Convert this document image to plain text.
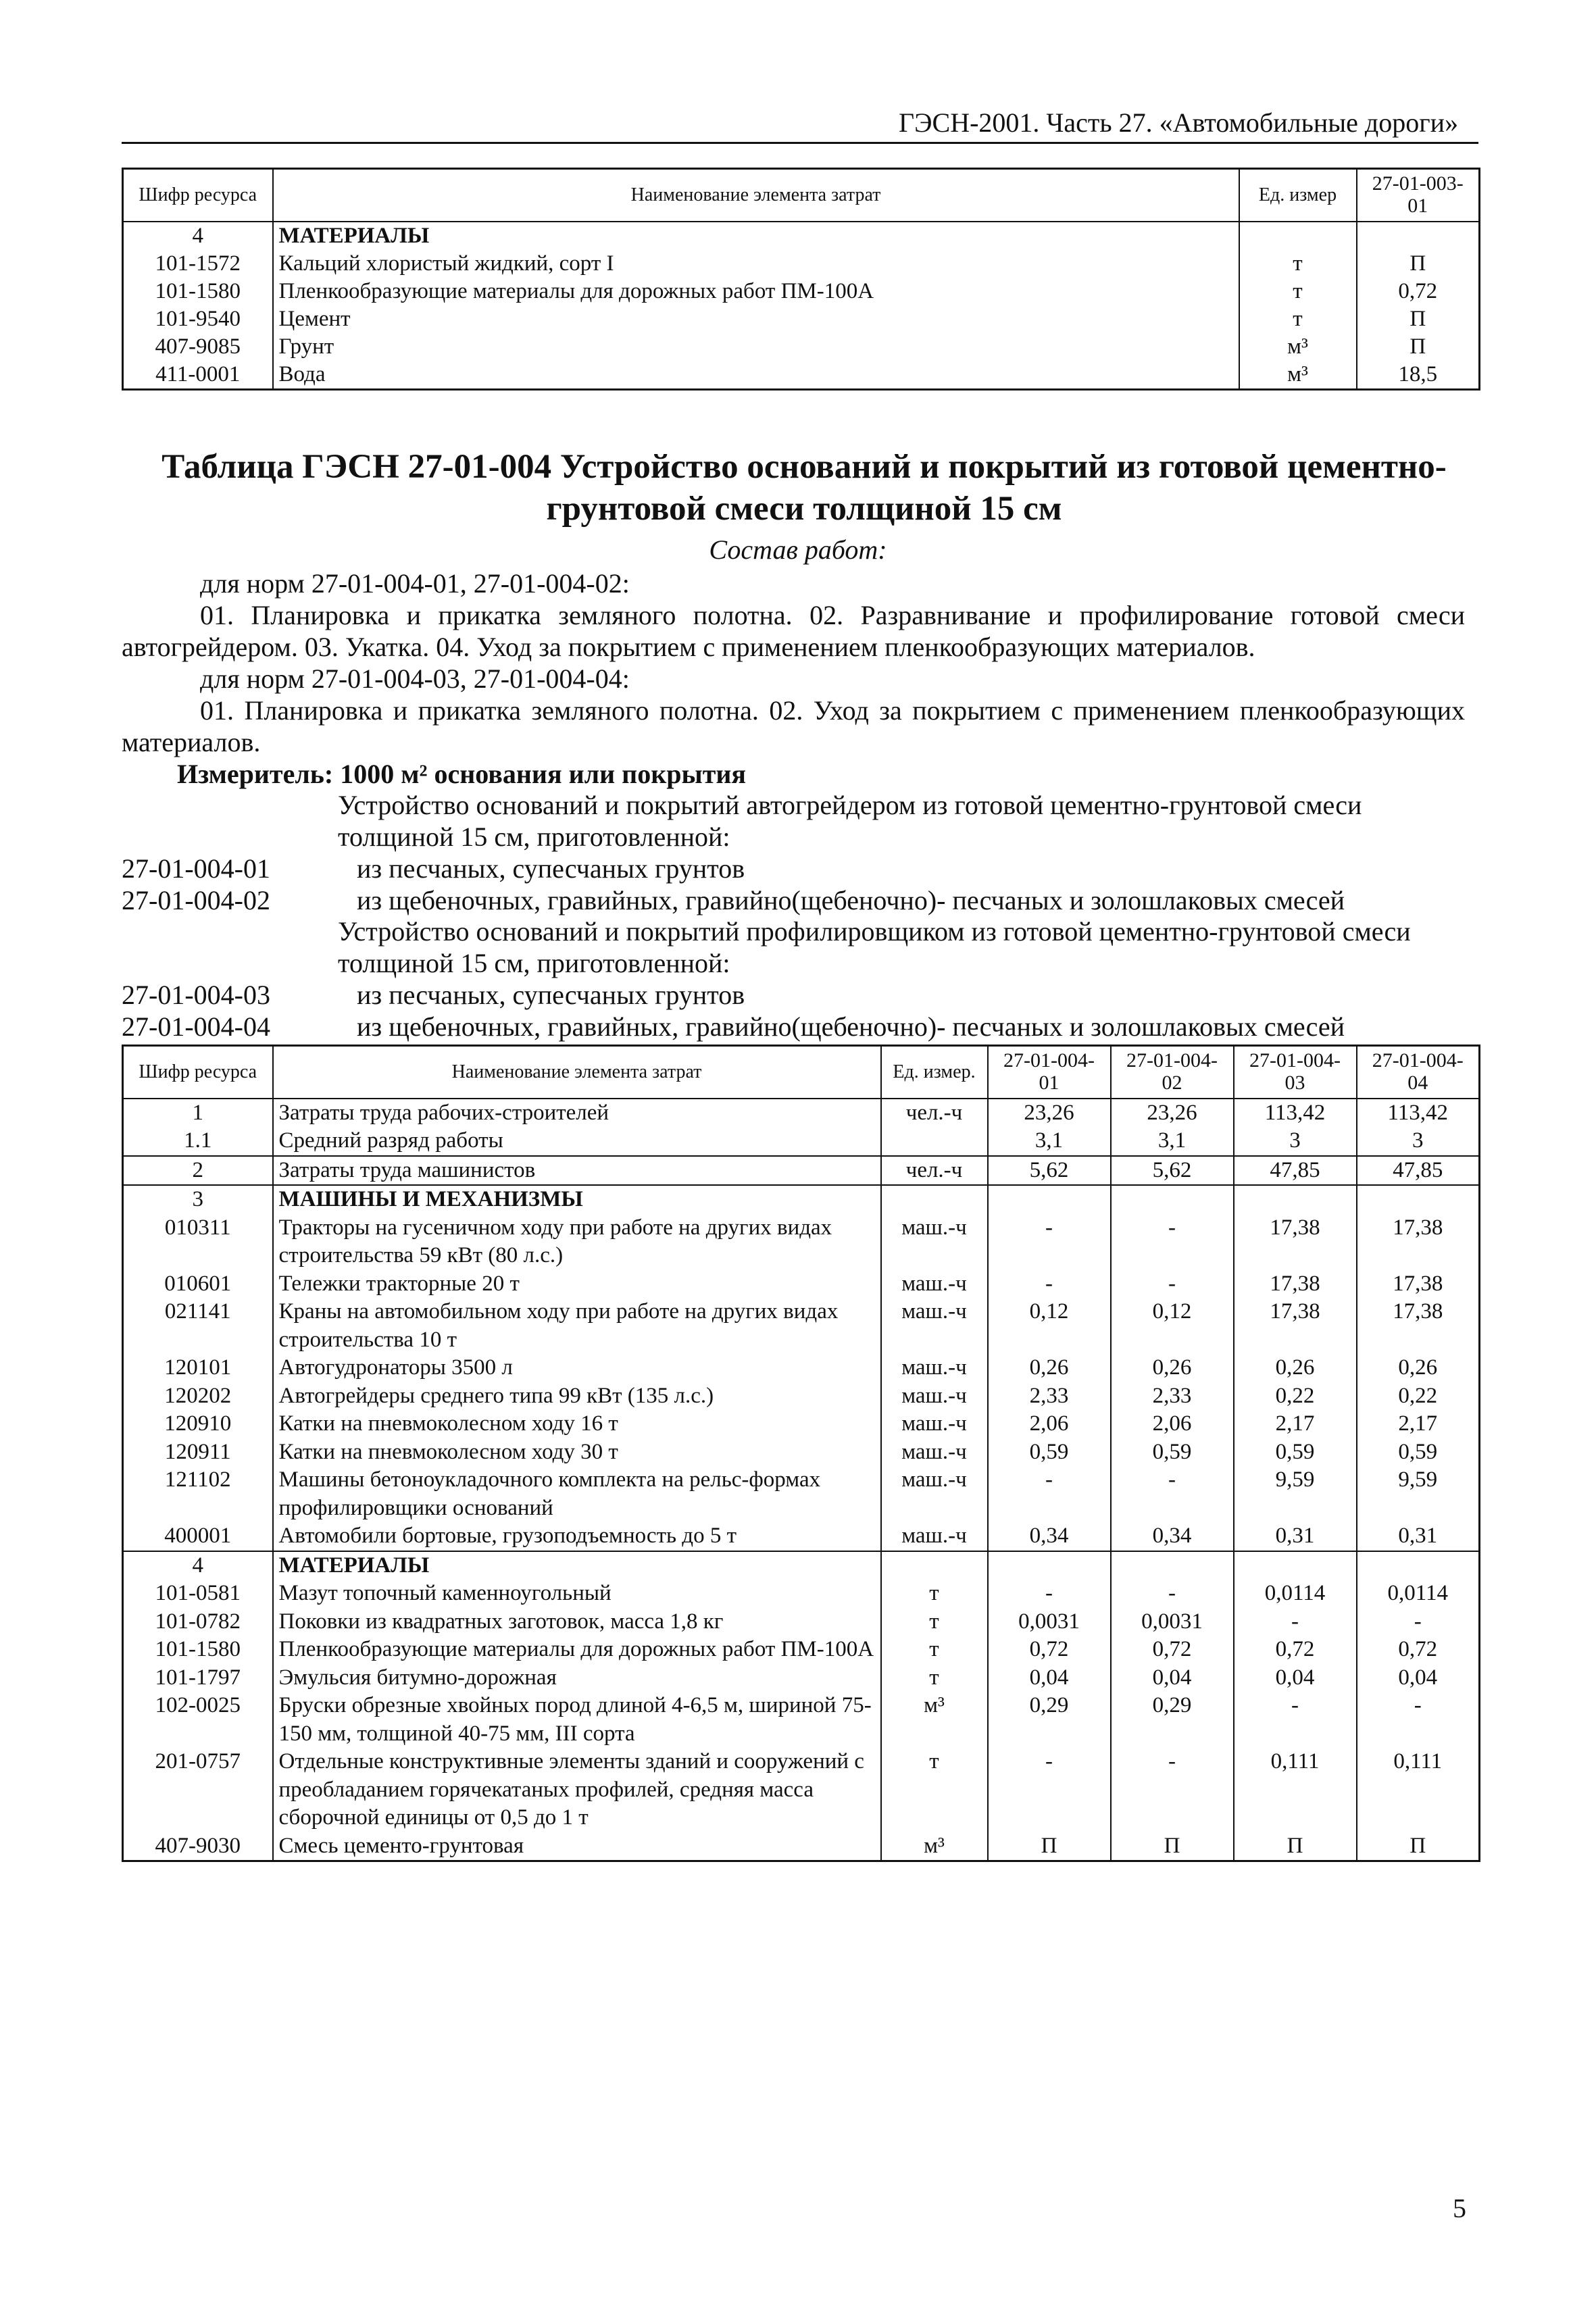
ГЭСН-2001. Часть 27. «Автомобильные дороги»
Шифр ресурса	Наименование элемента затрат	Ед. измер	27-01-003-01
4	МАТЕРИАЛЫ		
101-1572	Кальций хлористый жидкий, сорт I	т	П
101-1580	Пленкообразующие материалы для дорожных работ ПМ-100А	т	0,72
101-9540	Цемент	т	П
407-9085	Грунт	м³	П
411-0001	Вода	м³	18,5
Таблица ГЭСН 27-01-004 Устройство оснований и покрытий из готовой цементно-грунтовой смеси толщиной 15 см
Состав работ:
для норм 27-01-004-01, 27-01-004-02:
01. Планировка и прикатка земляного полотна. 02. Разравнивание и профилирование готовой смеси автогрейдером. 03. Укатка. 04. Уход за покрытием с применением пленкообразующих материалов.
для норм 27-01-004-03, 27-01-004-04:
01. Планировка и прикатка земляного полотна. 02. Уход за покрытием с применением пленкообразующих материалов.
Измеритель: 1000 м² основания или покрытия
Устройство оснований и покрытий автогрейдером из готовой цементно-грунтовой смеси толщиной 15 см, приготовленной:
27-01-004-01	из песчаных, супесчаных грунтов
27-01-004-02	из щебеночных, гравийных, гравийно(щебеночно)- песчаных и золошлаковых смесей
Устройство оснований и покрытий профилировщиком из готовой цементно-грунтовой смеси толщиной 15 см, приготовленной:
27-01-004-03	из песчаных, супесчаных грунтов
27-01-004-04	из щебеночных, гравийных, гравийно(щебеночно)- песчаных и золошлаковых смесей
Шифр ресурса	Наименование элемента затрат	Ед. измер.	27-01-004-01	27-01-004-02	27-01-004-03	27-01-004-04
1	Затраты труда рабочих-строителей	чел.-ч	23,26	23,26	113,42	113,42
1.1	Средний разряд работы		3,1	3,1	3	3
2	Затраты труда машинистов	чел.-ч	5,62	5,62	47,85	47,85
3	МАШИНЫ И МЕХАНИЗМЫ					
010311	Тракторы на гусеничном ходу при работе на других видах строительства 59 кВт (80 л.с.)	маш.-ч	-	-	17,38	17,38
010601	Тележки тракторные 20 т	маш.-ч	-	-	17,38	17,38
021141	Краны на автомобильном ходу при работе на других видах строительства 10 т	маш.-ч	0,12	0,12	17,38	17,38
120101	Автогудронаторы 3500 л	маш.-ч	0,26	0,26	0,26	0,26
120202	Автогрейдеры среднего типа 99 кВт (135 л.с.)	маш.-ч	2,33	2,33	0,22	0,22
120910	Катки на пневмоколесном ходу 16 т	маш.-ч	2,06	2,06	2,17	2,17
120911	Катки на пневмоколесном ходу 30 т	маш.-ч	0,59	0,59	0,59	0,59
121102	Машины бетоноукладочного комплекта на рельс-формах профилировщики оснований	маш.-ч	-	-	9,59	9,59
400001	Автомобили бортовые, грузоподъемность до 5 т	маш.-ч	0,34	0,34	0,31	0,31
4	МАТЕРИАЛЫ					
101-0581	Мазут топочный каменноугольный	т	-	-	0,0114	0,0114
101-0782	Поковки из квадратных заготовок, масса 1,8 кг	т	0,0031	0,0031	-	-
101-1580	Пленкообразующие материалы для дорожных работ ПМ-100А	т	0,72	0,72	0,72	0,72
101-1797	Эмульсия битумно-дорожная	т	0,04	0,04	0,04	0,04
102-0025	Бруски обрезные хвойных пород длиной 4-6,5 м, шириной 75-150 мм, толщиной 40-75 мм, III сорта	м³	0,29	0,29	-	-
201-0757	Отдельные конструктивные элементы зданий и сооружений с преобладанием горячекатаных профилей, средняя масса сборочной единицы от 0,5 до 1 т	т	-	-	0,111	0,111
407-9030	Смесь цементо-грунтовая	м³	П	П	П	П
5
